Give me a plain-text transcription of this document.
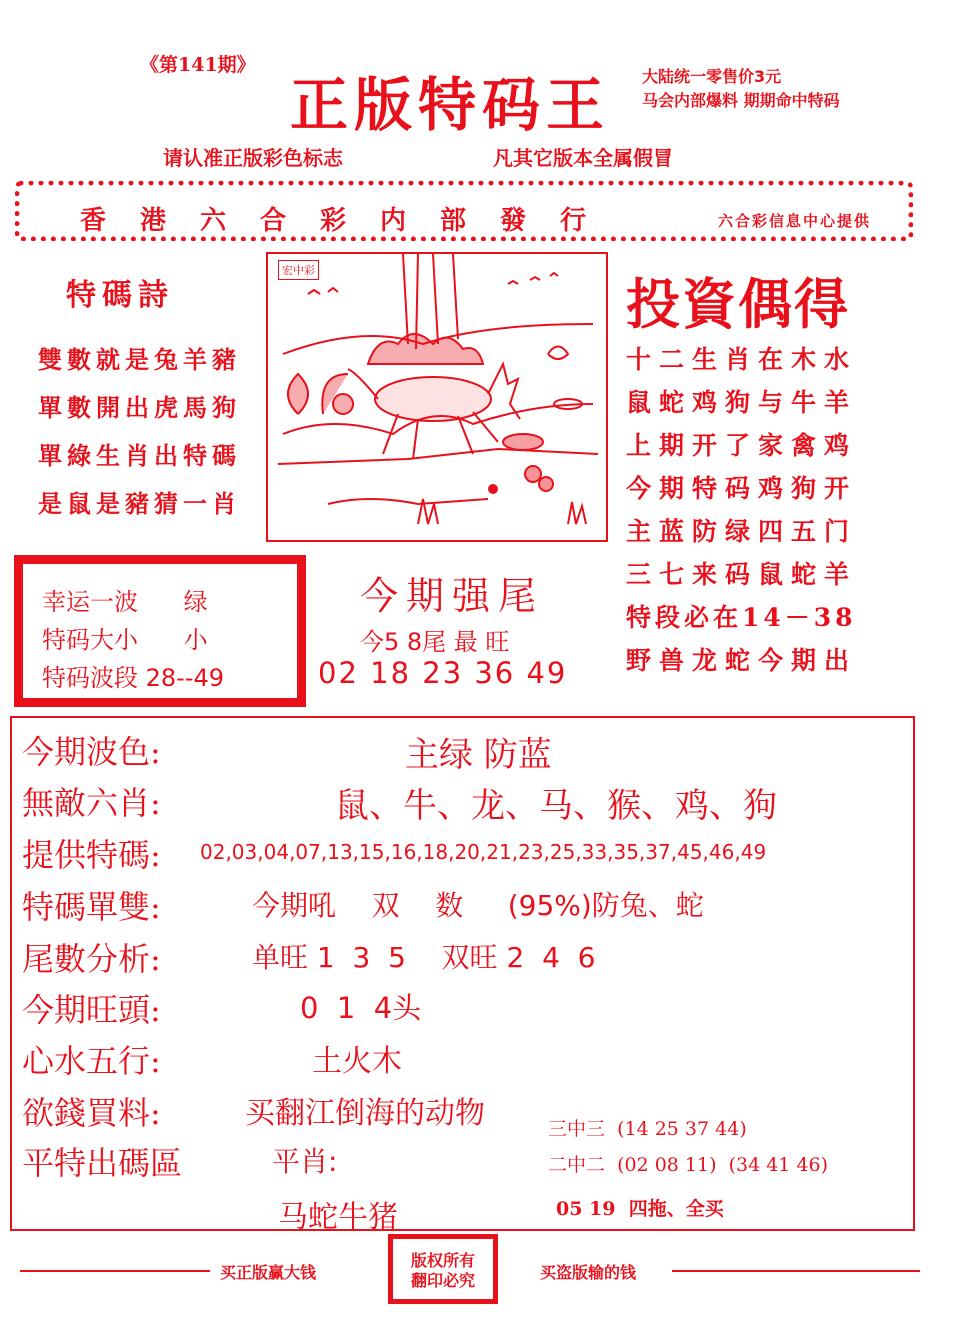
《第141期》
正版特码王 大陆统一零售价3元
马会内部爆料 期期命中特码
请认准正版彩色标志	凡其它版本全属假冒
香港六合彩内部發行	六合彩信息中心提供
特碼詩
雙數就是兔羊豬
單數開出虎馬狗
單綠生肖出特碼
是鼠是豬猜一肖
宏中彩
投資偶得
十二生肖在木水
鼠蛇鸡狗与牛羊
上期开了家禽鸡
今期特码鸡狗开
主蓝防绿四五门
三七来码鼠蛇羊
特段必在14－38
野兽龙蛇今期出
幸运一波 绿
特码大小 小
特码波段 28--49
今期强尾
今5 8尾 最 旺
02 18 23 36 49
今期波色:	主绿 防蓝
無敵六肖:	鼠、牛、龙、马、猴、鸡、狗
提供特碼: 02,03,04,07,13,15,16,18,20,21,23,25,33,35,37,45,46,49
特碼單雙:	今期吼    双    数     (95%)防兔、蛇
尾數分析:	单旺 1  3  5    双旺 2  4  6
今期旺頭:	0  1  4头
心水五行:	土火木
欲錢買料:	买翻江倒海的动物
平特出碼區	平肖:
马蛇牛猪
三中三  (14 25 37 44)
二中二  (02 08 11)  (34 41 46)
05 19  四拖、全买
买正版赢大钱
版权所有
翻印必究	买盗版输的钱
